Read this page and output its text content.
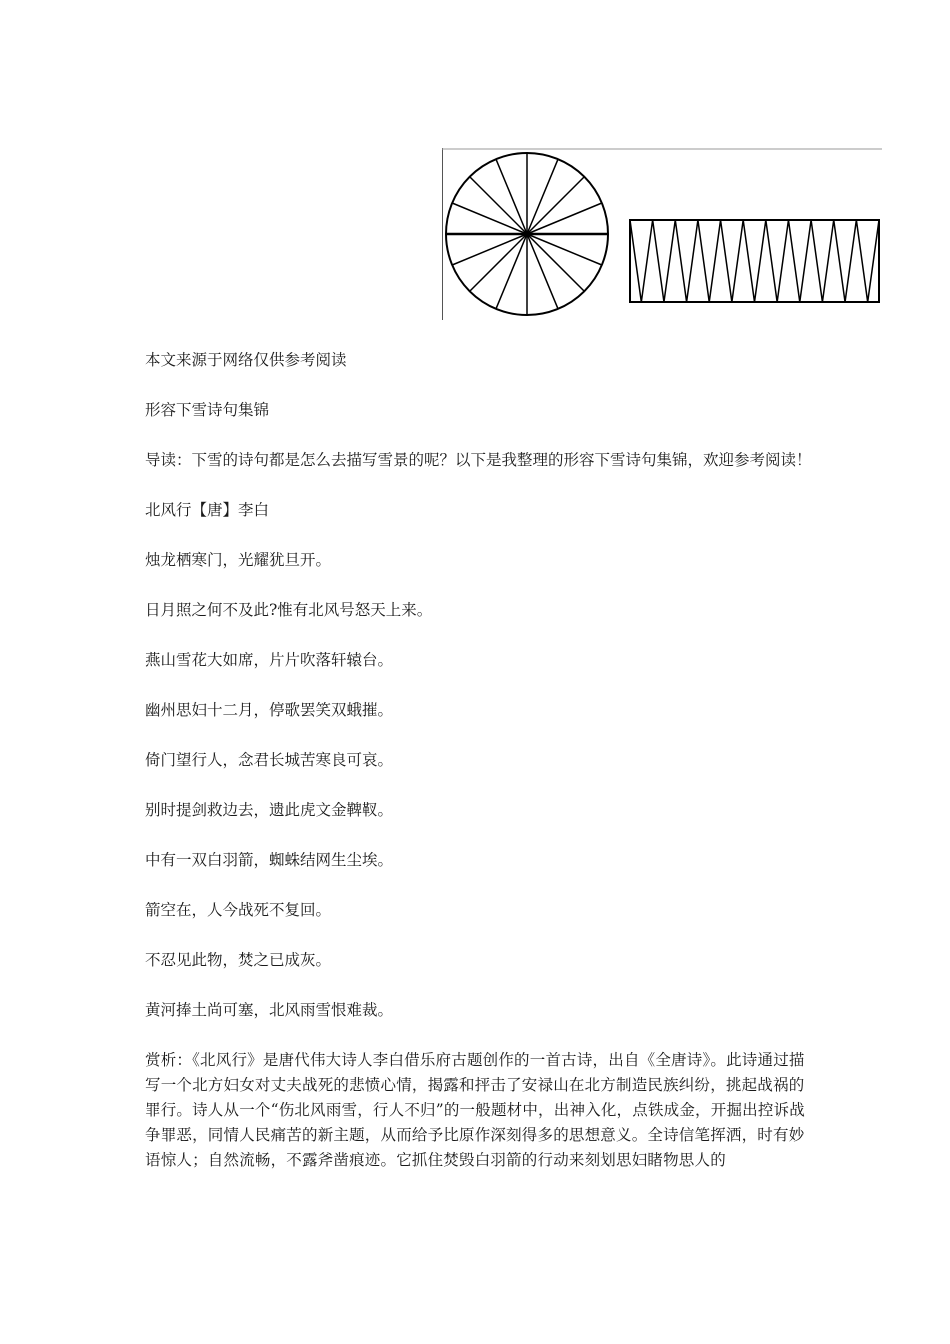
本文来源于网络仅供参考阅读

形容下雪诗句集锦

导读：下雪的诗句都是怎么去描写雪景的呢？以下是我整理的形容下雪诗句集锦，欢迎参考阅读！

北风行【唐】李白

烛龙栖寒门，光耀犹旦开。

日月照之何不及此?惟有北风号怒天上来。

燕山雪花大如席，片片吹落轩辕台。

幽州思妇十二月，停歌罢笑双蛾摧。

倚门望行人，念君长城苦寒良可哀。

别时提剑救边去，遗此虎文金鞞靫。

中有一双白羽箭，蜘蛛结网生尘埃。

箭空在，人今战死不复回。

不忍见此物，焚之已成灰。

黄河捧土尚可塞，北风雨雪恨难裁。

赏析：《北风行》是唐代伟大诗人李白借乐府古题创作的一首古诗，出自《全唐诗》。此诗通过描写一个北方妇女对丈夫战死的悲愤心情，揭露和抨击了安禄山在北方制造民族纠纷，挑起战祸的罪行。诗人从一个“伤北风雨雪，行人不归”的一般题材中，出神入化，点铁成金，开掘出控诉战争罪恶，同情人民痛苦的新主题，从而给予比原作深刻得多的思想意义。全诗信笔挥洒，时有妙语惊人；自然流畅，不露斧凿痕迹。它抓住焚毁白羽箭的行动来刻划思妇睹物思人的
